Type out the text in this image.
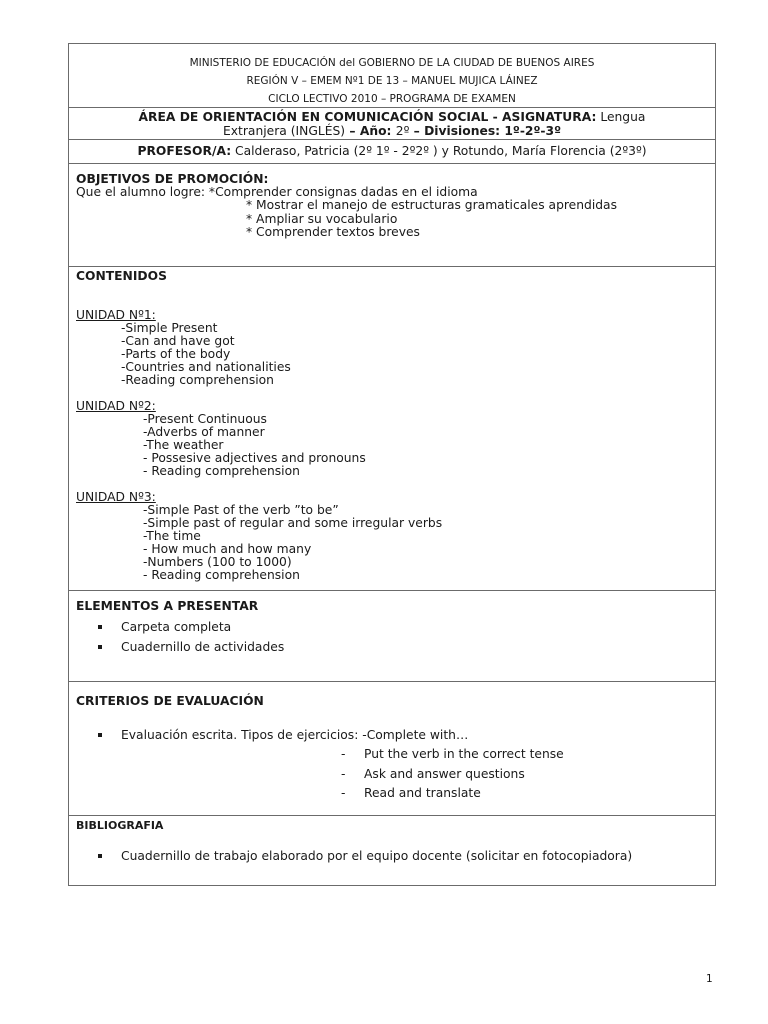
MINISTERIO DE EDUCACIÓN del GOBIERNO DE LA CIUDAD DE BUENOS AIRES
REGIÓN V – EMEM Nº1 DE 13 – MANUEL MUJICA LÁINEZ
CICLO LECTIVO 2010 – PROGRAMA DE EXAMEN
ÁREA DE ORIENTACIÓN EN COMUNICACIÓN SOCIAL - ASIGNATURA: Lengua
Extranjera (INGLÉS) – Año: 2º – Divisiones: 1º-2º-3º
PROFESOR/A: Calderaso, Patricia (2º 1º - 2º2º ) y Rotundo, María Florencia (2º3º)
OBJETIVOS DE PROMOCIÓN:
Que el alumno logre: *Comprender consignas dadas en el idioma
* Mostrar el manejo de estructuras gramaticales aprendidas
* Ampliar su vocabulario
* Comprender textos breves
CONTENIDOS
UNIDAD Nº1:
-Simple Present
-Can and have got
-Parts of the body
-Countries and nationalities
-Reading comprehension
UNIDAD Nº2:
-Present Continuous
-Adverbs of manner
-The weather
- Possesive adjectives and pronouns
- Reading comprehension
UNIDAD Nº3:
-Simple Past of the verb ”to be”
-Simple past of regular and some irregular verbs
-The time
- How much and how many
-Numbers (100 to 1000)
- Reading comprehension
ELEMENTOS A PRESENTAR
Carpeta completa
Cuadernillo de actividades
CRITERIOS DE EVALUACIÓN
Evaluación escrita. Tipos de ejercicios: -Complete with…
- Put the verb in the correct tense
- Ask and answer questions
- Read and translate
BIBLIOGRAFIA
Cuadernillo de trabajo elaborado por el equipo docente (solicitar en fotocopiadora)
1
